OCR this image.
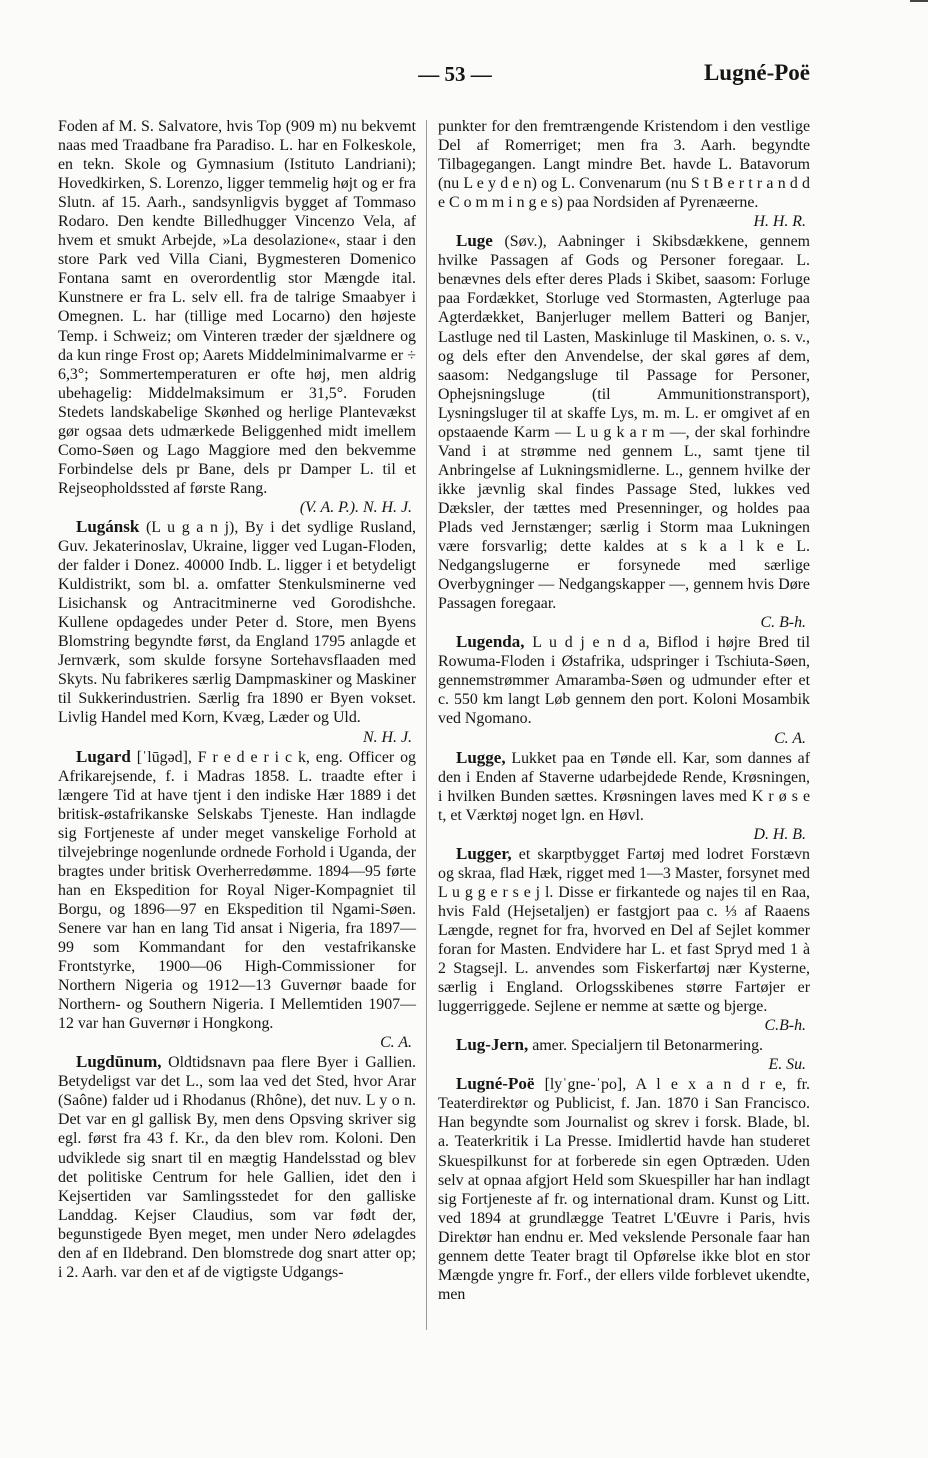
— 53 —	Lugné-Poë

Foden af M. S. Salvatore, hvis Top (909 m) nu bekvemt naas med Traadbane fra Paradiso. L. har en Folkeskole, en tekn. Skole og Gymnasium (Istituto Landriani); Hovedkirken, S. Lorenzo, ligger temmelig højt og er fra Slutn. af 15. Aarh., sandsynligvis bygget af Tommaso Rodaro. Den kendte Billedhugger Vincenzo Vela, af hvem et smukt Arbejde, »La desolazione«, staar i den store Park ved Villa Ciani, Bygmesteren Domenico Fontana samt en overordentlig stor Mængde ital. Kunstnere er fra L. selv ell. fra de talrige Smaabyer i Omegnen. L. har (tillige med Locarno) den højeste Temp. i Schweiz; om Vinteren træder der sjældnere og da kun ringe Frost op; Aarets Middelminimalvarme er ÷ 6,3°; Sommertemperaturen er ofte høj, men aldrig ubehagelig: Middelmaksimum er 31,5°. Foruden Stedets landskabelige Skønhed og herlige Plantevækst gør ogsaa dets udmærkede Beliggenhed midt imellem Como-Søen og Lago Maggiore med den bekvemme Forbindelse dels pr Bane, dels pr Damper L. til et Rejseopholdssted af første Rang.
(V. A. P.). N. H. J.

Lugánsk (L u g a n j), By i det sydlige Rusland, Guv. Jekaterinoslav, Ukraine, ligger ved Lugan-Floden, der falder i Donez. 40000 Indb. L. ligger i et betydeligt Kuldistrikt, som bl. a. omfatter Stenkulsminerne ved Lisichansk og Antracitminerne ved Gorodishche. Kullene opdagedes under Peter d. Store, men Byens Blomstring begyndte først, da England 1795 anlagde et Jernværk, som skulde forsyne Sortehavsflaaden med Skyts. Nu fabrikeres særlig Dampmaskiner og Maskiner til Sukkerindustrien. Særlig fra 1890 er Byen vokset. Livlig Handel med Korn, Kvæg, Læder og Uld.
N. H. J.

Lugard [ˈlūgəd], F r e d e r i c k, eng. Officer og Afrikarejsende, f. i Madras 1858. L. traadte efter i længere Tid at have tjent i den indiske Hær 1889 i det britisk-østafrikanske Selskabs Tjeneste. Han indlagde sig Fortjeneste af under meget vanskelige Forhold at tilvejebringe nogenlunde ordnede Forhold i Uganda, der bragtes under britisk Overherredømme. 1894—95 førte han en Ekspedition for Royal Niger-Kompagniet til Borgu, og 1896—97 en Ekspedition til Ngami-Søen. Senere var han en lang Tid ansat i Nigeria, fra 1897—99 som Kommandant for den vestafrikanske Frontstyrke, 1900—06 High-Commissioner for Northern Nigeria og 1912—13 Guvernør baade for Northern- og Southern Nigeria. I Mellemtiden 1907—12 var han Guvernør i Hongkong.
C. A.

Lugdūnum, Oldtidsnavn paa flere Byer i Gallien. Betydeligst var det L., som laa ved det Sted, hvor Arar (Saône) falder ud i Rhodanus (Rhône), det nuv. L y o n. Det var en gl gallisk By, men dens Opsving skriver sig egl. først fra 43 f. Kr., da den blev rom. Koloni. Den udviklede sig snart til en mægtig Handelsstad og blev det politiske Centrum for hele Gallien, idet den i Kejsertiden var Samlingsstedet for den galliske Landdag. Kejser Claudius, som var født der, begunstigede Byen meget, men under Nero ødelagdes den af en Ildebrand. Den blomstrede dog snart atter op; i 2. Aarh. var den et af de vigtigste Udgangs-

punkter for den fremtrængende Kristendom i den vestlige Del af Romerriget; men fra 3. Aarh. begyndte Tilbagegangen. Langt mindre Bet. havde L. Batavorum (nu L e y d e n) og L. Convenarum (nu S t B e r t r a n d d e C o m m i n g e s) paa Nordsiden af Pyrenæerne.
H. H. R.

Luge (Søv.), Aabninger i Skibsdækkene, gennem hvilke Passagen af Gods og Personer foregaar. L. benævnes dels efter deres Plads i Skibet, saasom: Forluge paa Fordækket, Storluge ved Stormasten, Agterluge paa Agterdækket, Banjerluger mellem Batteri og Banjer, Lastluge ned til Lasten, Maskinluge til Maskinen, o. s. v., og dels efter den Anvendelse, der skal gøres af dem, saasom: Nedgangsluge til Passage for Personer, Ophejsningsluge (til Ammunitionstransport), Lysningsluger til at skaffe Lys, m. m. L. er omgivet af en opstaaende Karm — L u g k a r m —, der skal forhindre Vand i at strømme ned gennem L., samt tjene til Anbringelse af Lukningsmidlerne. L., gennem hvilke der ikke jævnlig skal findes Passage Sted, lukkes ved Dæksler, der tættes med Presenninger, og holdes paa Plads ved Jernstænger; særlig i Storm maa Lukningen være forsvarlig; dette kaldes at s k a l k e L. Nedgangslugerne er forsynede med særlige Overbygninger — Nedgangskapper —, gennem hvis Døre Passagen foregaar.
C. B-h.

Lugenda, L u d j e n d a, Biflod i højre Bred til Rowuma-Floden i Østafrika, udspringer i Tschiuta-Søen, gennemstrømmer Amaramba-Søen og udmunder efter et c. 550 km langt Løb gennem den port. Koloni Mosambik ved Ngomano.
C. A.

Lugge, Lukket paa en Tønde ell. Kar, som dannes af den i Enden af Staverne udarbejdede Rende, Krøsningen, i hvilken Bunden sættes. Krøsningen laves med K r ø s e t, et Værktøj noget lgn. en Høvl.
D. H. B.

Lugger, et skarptbygget Fartøj med lodret Forstævn og skraa, flad Hæk, rigget med 1—3 Master, forsynet med L u g g e r s e j l. Disse er firkantede og najes til en Raa, hvis Fald (Hejsetaljen) er fastgjort paa c. ⅓ af Raaens Længde, regnet for fra, hvorved en Del af Sejlet kommer foran for Masten. Endvidere har L. et fast Spryd med 1 à 2 Stagsejl. L. anvendes som Fiskerfartøj nær Kysterne, særlig i England. Orlogsskibenes større Fartøjer er luggerriggede. Sejlene er nemme at sætte og bjerge.
C.B-h.

Lug-Jern, amer. Specialjern til Betonarmering.
E. Su.

Lugné-Poë [lyˈgne-ˈpo], A l e x a n d r e, fr. Teaterdirektør og Publicist, f. Jan. 1870 i San Francisco. Han begyndte som Journalist og skrev i forsk. Blade, bl. a. Teaterkritik i La Presse. Imidlertid havde han studeret Skuespilkunst for at forberede sin egen Optræden. Uden selv at opnaa afgjort Held som Skuespiller har han indlagt sig Fortjeneste af fr. og international dram. Kunst og Litt. ved 1894 at grundlægge Teatret L'Œuvre i Paris, hvis Direktør han endnu er. Med vekslende Personale faar han gennem dette Teater bragt til Opførelse ikke blot en stor Mængde yngre fr. Forf., der ellers vilde forblevet ukendte, men
